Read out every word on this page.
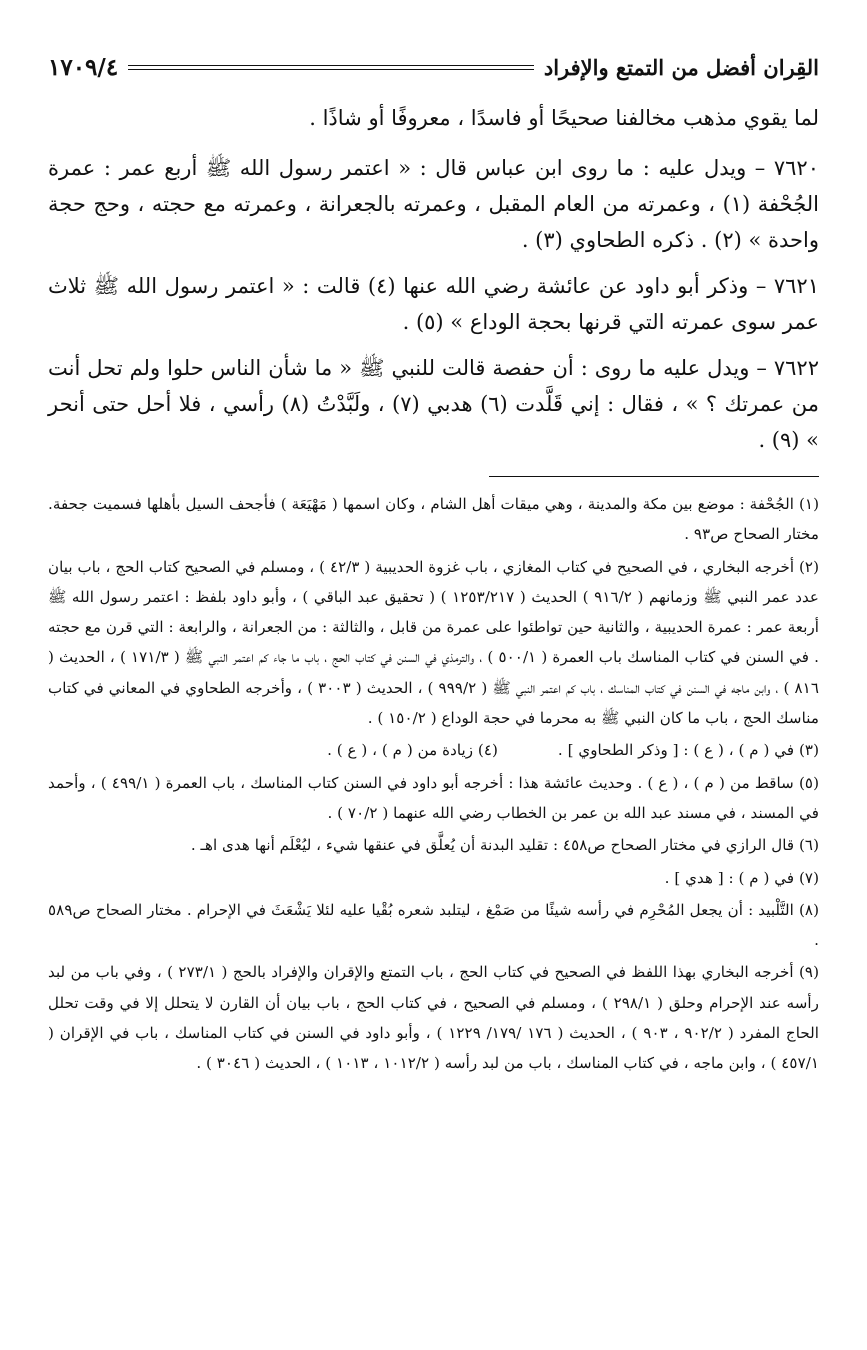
القِران أفضل من التمتع والإفراد
١٧٠٩/٤

لما يقوي مذهب مخالفنا صحيحًا أو فاسدًا ، معروفًا أو شاذًا .

٧٦٢٠ – ويدل عليه : ما روى ابن عباس قال : « اعتمر رسول الله ﷺ أربع عمر : عمرة الجُحْفة (١) ، وعمرته من العام المقبل ، وعمرته بالجعرانة ، وعمرته مع حجته ، وحج حجة واحدة » (٢) . ذكره الطحاوي (٣) .

٧٦٢١ – وذكر أبو داود عن عائشة رضي الله عنها (٤) قالت : « اعتمر رسول الله ﷺ ثلاث عمر سوى عمرته التي قرنها بحجة الوداع » (٥) .

٧٦٢٢ – ويدل عليه ما روى : أن حفصة قالت للنبي ﷺ « ما شأن الناس حلوا ولم تحل أنت من عمرتك ؟ » ، فقال : إني قَلَّدت (٦) هدبي (٧) ، ولَبَّدْتُ (٨) رأسي ، فلا أحل حتى أنحر » (٩) .

(١) الجُحْفة : موضع بين مكة والمدينة ، وهي ميقات أهل الشام ، وكان اسمها ( مَهْيَعَة ) فأجحف السيل بأهلها فسميت جحفة. مختار الصحاح ص٩٣ .

(٢) أخرجه البخاري ، في الصحيح في كتاب المغازي ، باب غزوة الحديبية ( ٤٢/٣ ) ، ومسلم في الصحيح كتاب الحج ، باب بيان عدد عمر النبي ﷺ وزمانهم ( ٩١٦/٢ ) الحديث ( ١٢٥٣/٢١٧ ) ( تحقيق عبد الباقي ) ، وأبو داود بلفظ : اعتمر رسول الله ﷺ أربعة عمر : عمرة الحديبية ، والثانية حين تواطئوا على عمرة من قابل ، والثالثة : من الجعرانة ، والرابعة : التي قرن مع حجته . في السنن في كتاب المناسك باب العمرة ( ٥٠٠/١ ) ، والترمذي في السنن في كتاب الحج ، باب ما جاء كم اعتمر النبي ﷺ ( ١٧١/٣ ) ، الحديث ( ٨١٦ ) ، وابن ماجه في السنن في كتاب المناسك ، باب كم اعتمر النبي ﷺ ( ٩٩٩/٢ ) ، الحديث ( ٣٠٠٣ ) ، وأخرجه الطحاوي في المعاني في كتاب مناسك الحج ، باب ما كان النبي ﷺ به محرما في حجة الوداع ( ١٥٠/٢ ) .

(٣) في ( م ) ، ( ع ) : [ وذكر الطحاوي ] .
(٤) زيادة من ( م ) ، ( ع ) .

(٥) ساقط من ( م ) ، ( ع ) . وحديث عائشة هذا : أخرجه أبو داود في السنن كتاب المناسك ، باب العمرة ( ٤٩٩/١ ) ، وأحمد في المسند ، في مسند عبد الله بن عمر بن الخطاب رضي الله عنهما ( ٧٠/٢ ) .

(٦) قال الرازي في مختار الصحاح ص٤٥٨ : تقليد البدنة أن يُعلَّق في عنقها شيء ، ليُعْلَم أنها هدى اهـ .

(٧) في ( م ) : [ هدي ] .

(٨) التَّلْبيد : أن يجعل المُحْرِم في رأسه شيئًا من صَمْغ ، ليتلبد شعره بُقْيا عليه لئلا يَشْعَثَ في الإحرام . مختار الصحاح ص٥٨٩ .

(٩) أخرجه البخاري بهذا اللفظ في الصحيح في كتاب الحج ، باب التمتع والإقران والإفراد بالحج ( ٢٧٣/١ ) ، وفي باب من لبد رأسه عند الإحرام وحلق ( ٢٩٨/١ ) ، ومسلم في الصحيح ، في كتاب الحج ، باب بيان أن القارن لا يتحلل إلا في وقت تحلل الحاج المفرد ( ٩٠٢/٢ ، ٩٠٣ ) ، الحديث ( ١٧٦ /١٧٩/ ١٢٢٩ ) ، وأبو داود في السنن في كتاب المناسك ، باب في الإقران ( ٤٥٧/١ ) ، وابن ماجه ، في كتاب المناسك ، باب من لبد رأسه ( ١٠١٢/٢ ، ١٠١٣ ) ، الحديث ( ٣٠٤٦ ) .
